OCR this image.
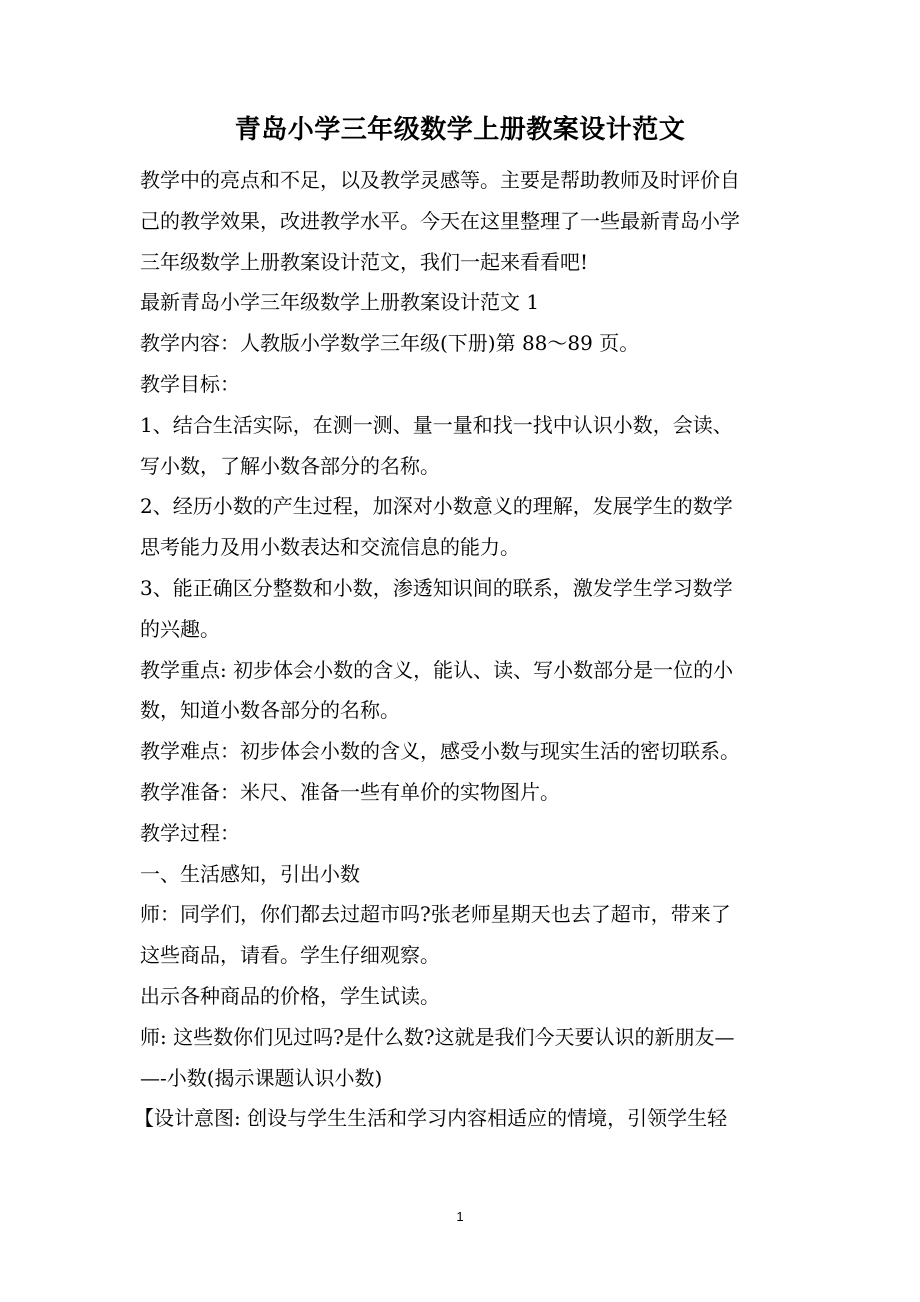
青岛小学三年级数学上册教案设计范文
教学中的亮点和不足，以及教学灵感等。主要是帮助教师及时评价自
己的教学效果，改进教学水平。今天在这里整理了一些最新青岛小学
三年级数学上册教案设计范文，我们一起来看看吧!
最新青岛小学三年级数学上册教案设计范文 1
教学内容：人教版小学数学三年级(下册)第 88～89 页。
教学目标：
1、结合生活实际，在测一测、量一量和找一找中认识小数，会读、
写小数，了解小数各部分的名称。
2、经历小数的产生过程，加深对小数意义的理解，发展学生的数学
思考能力及用小数表达和交流信息的能力。
3、能正确区分整数和小数，渗透知识间的联系，激发学生学习数学
的兴趣。
教学重点: 初步体会小数的含义，能认、读、写小数部分是一位的小
数，知道小数各部分的名称。
教学难点：初步体会小数的含义，感受小数与现实生活的密切联系。
教学准备：米尺、准备一些有单价的实物图片。
教学过程：
一、生活感知，引出小数
师：同学们，你们都去过超市吗?张老师星期天也去了超市，带来了
这些商品，请看。学生仔细观察。
出示各种商品的价格，学生试读。
师: 这些数你们见过吗?是什么数?这就是我们今天要认识的新朋友—
—-小数(揭示课题认识小数)
【设计意图: 创设与学生生活和学习内容相适应的情境，引领学生轻
1
